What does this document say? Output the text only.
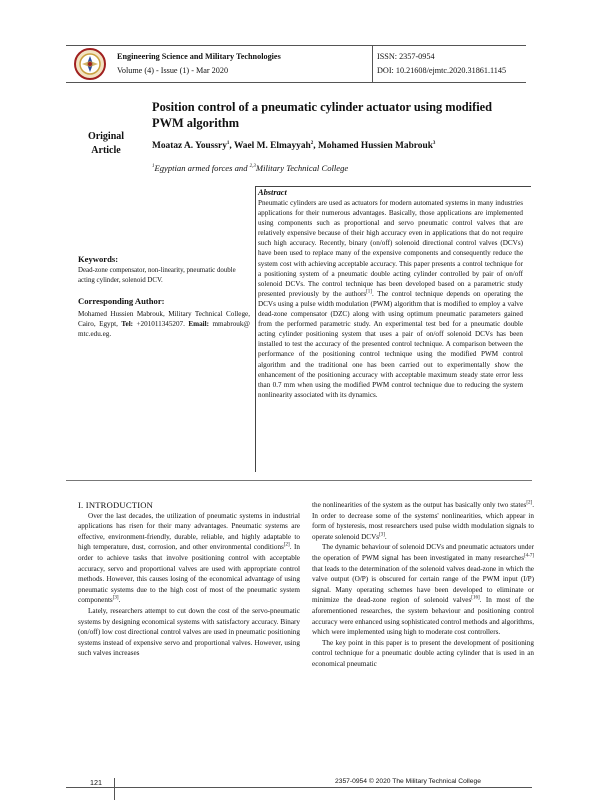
Engineering Science and Military Technologies
Volume (4) - Issue (1) - Mar 2020
ISSN: 2357-0954
DOI: 10.21608/ejmtc.2020.31861.1145
Position control of a pneumatic cylinder actuator using modified PWM algorithm
Original
Article	Moataz A. Youssry$^1$, Wael M. Elmayyah$^2$, Mohamed Hussien Mabrouk$^3$
$^1$Egyptian armed forces and $^{2,3}$Military Technical College
Abstract
Pneumatic cylinders are used as actuators for modern automated systems in many industries applications for their numerous advantages. Basically, those applications are implemented using components such as proportional and servo pneumatic control valves that are relatively expensive because of their high accuracy even in applications that do not require such high accuracy. Recently, binary (on/off) solenoid directional control valves (DCVs) have been used to replace many of the expensive components and consequently reduce the system cost with achieving acceptable accuracy. This paper presents a control technique for a positioning system of a pneumatic double acting cylinder controlled by pair of on/off solenoid DCVs. The control technique has been developed based on a parametric study presented previously by the authors[1]. The control technique depends on operating the DCVs using a pulse width modulation (PWM) algorithm that is modified to employ a valve dead-zone compensator (DZC) along with using optimum pneumatic parameters gained from the performed parametric study. An experimental test bed for a pneumatic double acting cylinder positioning system that uses a pair of on/off solenoid DCVs has been installed to test the accuracy of the presented control technique. A comparison between the performance of the positioning control technique using the modified PWM control algorithm and the traditional one has been carried out to experimentally show the enhancement of the positioning accuracy with acceptable maximum steady state error less than 0.7 mm when using the modified PWM control technique due to reducing the system nonlinearity associated with its dynamics.
Keywords:
Dead-zone compensator, non-linearity, pneumatic double acting cylinder, solenoid DCV.
Corresponding Author:
Mohamed Hussien Mabrouk, Military Technical College, Cairo, Egypt, Tel: +201011345207. Email: mmabrouk@ mtc.edu.eg.

I. INTRODUCTION

Over the last decades, the utilization of pneumatic systems in industrial applications has risen for their many advantages. Pneumatic systems are effective, environment-friendly, durable, reliable, and highly adaptable to high temperature, dust, corrosion, and other environmental conditions[2]. In order to achieve tasks that involve positioning control with acceptable accuracy, servo and proportional valves are used with appropriate control methods. However, this causes losing of the economical advantage of using pneumatic systems due to the high cost of most of the pneumatic system components[3].

Lately, researchers attempt to cut down the cost of the servo-pneumatic systems by designing economical systems with satisfactory accuracy. Binary (on/off) low cost directional control valves are used in pneumatic positioning systems instead of expensive servo and proportional valves. However, using such valves increases

the nonlinearities of the system as the output has basically only two states[2]. In order to decrease some of the systems' nonlinearities, which appear in form of hysteresis, most researchers used pulse width modulation signals to operate solenoid DCVs[3].

The dynamic behaviour of solenoid DCVs and pneumatic actuators under the operation of PWM signal has been investigated in many researches[4-7] that leads to the determination of the solenoid valves dead-zone in which the valve output (O/P) is obscured for certain range of the PWM input (I/P) signal. Many operating schemes have been developed to eliminate or minimize the dead-zone region of solenoid valves[16]. In most of the aforementioned researches, the system behaviour and positioning control accuracy were enhanced using sophisticated control methods and algorithms, which were implemented using high to moderate cost controllers.

The key point in this paper is to present the development of positioning control technique for a pneumatic double acting cylinder that is used in an economical pneumatic

121	2357-0954 © 2020 The Military Technical College
